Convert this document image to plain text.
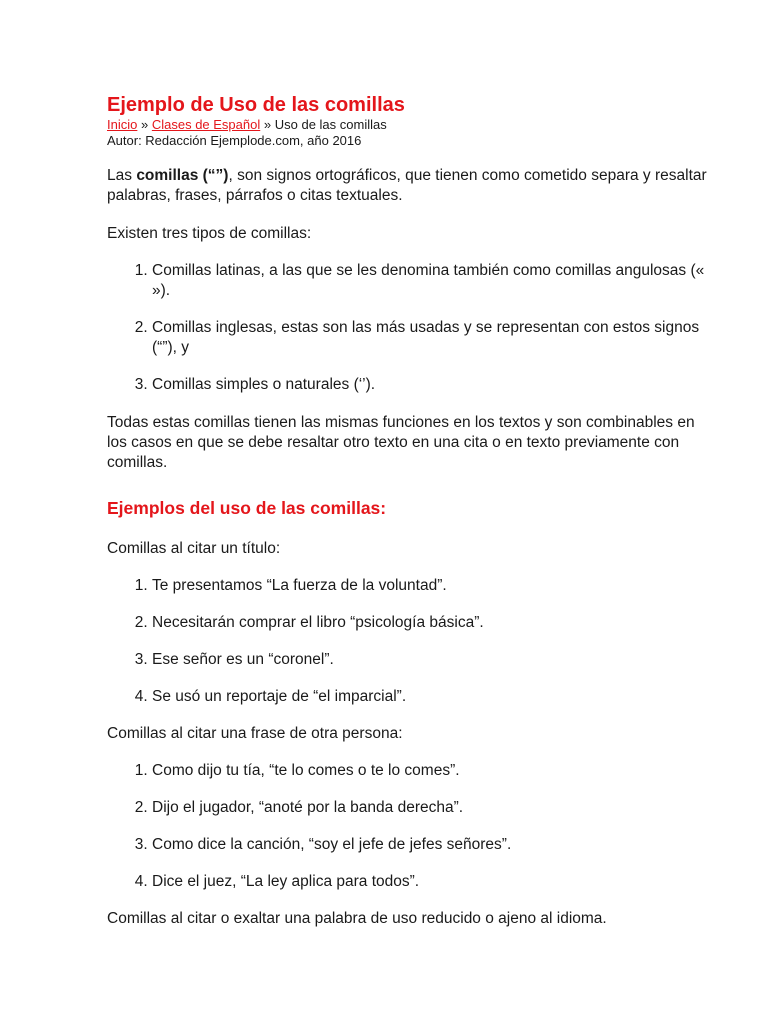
Ejemplo de Uso de las comillas
Inicio » Clases de Español » Uso de las comillas
Autor: Redacción Ejemplode.com, año 2016

Las comillas (“”), son signos ortográficos, que tienen como cometido separa y resaltar palabras, frases, párrafos o citas textuales.

Existen tres tipos de comillas:

1. Comillas latinas, a las que se les denomina también como comillas angulosas (« »).
2. Comillas inglesas, estas son las más usadas y se representan con estos signos (“”), y
3. Comillas simples o naturales (‘’).

Todas estas comillas tienen las mismas funciones en los textos y son combinables en los casos en que se debe resaltar otro texto en una cita o en texto previamente con comillas.

Ejemplos del uso de las comillas:

Comillas al citar un título:

1. Te presentamos “La fuerza de la voluntad”.
2. Necesitarán comprar el libro “psicología básica”.
3. Ese señor es un “coronel”.
4. Se usó un reportaje de “el imparcial”.

Comillas al citar una frase de otra persona:

1. Como dijo tu tía, “te lo comes o te lo comes”.
2. Dijo el jugador, “anoté por la banda derecha”.
3. Como dice la canción, “soy el jefe de jefes señores”.
4. Dice el juez, “La ley aplica para todos”.

Comillas al citar o exaltar una palabra de uso reducido o ajeno al idioma.
